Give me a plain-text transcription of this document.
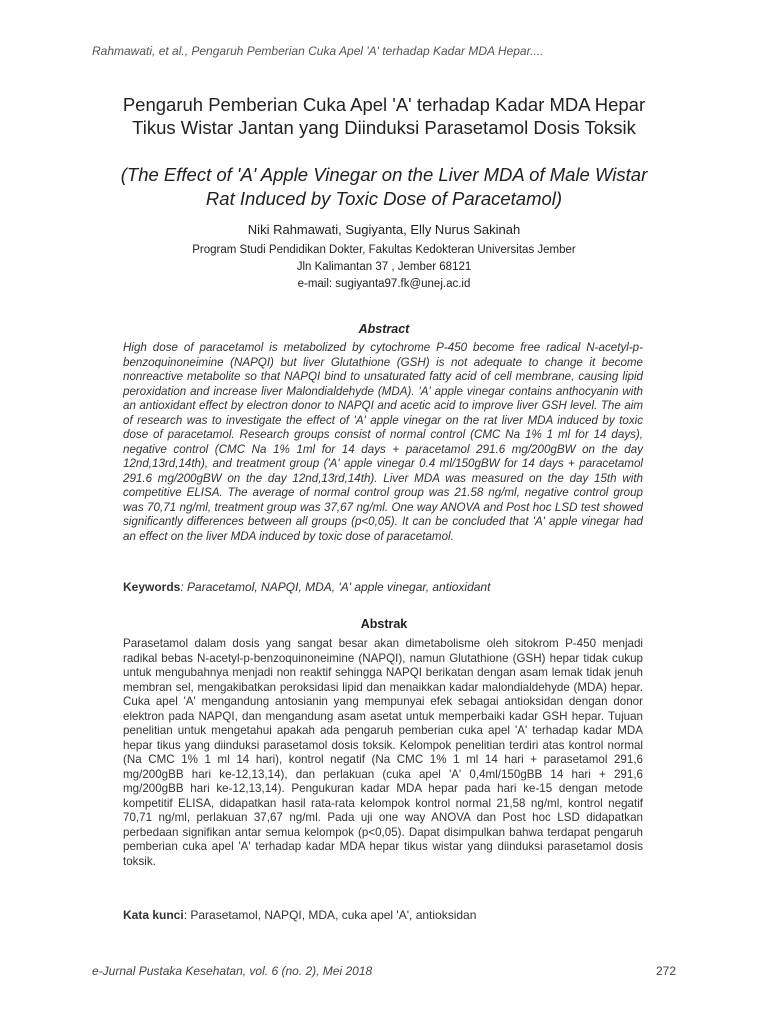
Rahmawati, et al., Pengaruh Pemberian Cuka Apel 'A' terhadap Kadar MDA Hepar....
Pengaruh Pemberian Cuka Apel 'A' terhadap Kadar MDA Hepar
Tikus Wistar Jantan yang Diinduksi Parasetamol Dosis Toksik
(The Effect of 'A' Apple Vinegar on the Liver MDA of Male Wistar
Rat Induced by Toxic Dose of Paracetamol)
Niki Rahmawati, Sugiyanta, Elly Nurus Sakinah
Program Studi Pendidikan Dokter, Fakultas Kedokteran Universitas Jember
Jln Kalimantan 37 , Jember 68121
e-mail: sugiyanta97.fk@unej.ac.id
Abstract
High dose of paracetamol is metabolized by cytochrome P-450 become free radical N-acetyl-p-benzoquinoneimine (NAPQI) but liver Glutathione (GSH) is not adequate to change it become nonreactive metabolite so that NAPQI bind to unsaturated fatty acid of cell membrane, causing lipid peroxidation and increase liver Malondialdehyde (MDA). 'A' apple vinegar contains anthocyanin with an antioxidant effect by electron donor to NAPQI and acetic acid to improve liver GSH level. The aim of research was to investigate the effect of 'A' apple vinegar on the rat liver MDA induced by toxic dose of paracetamol. Research groups consist of normal control (CMC Na 1% 1 ml for 14 days), negative control (CMC Na 1% 1ml for 14 days + paracetamol 291.6 mg/200gBW on the day 12nd,13rd,14th), and treatment group ('A' apple vinegar 0.4 ml/150gBW for 14 days + paracetamol 291.6 mg/200gBW on the day 12nd,13rd,14th). Liver MDA was measured on the day 15th with competitive ELISA. The average of normal control group was 21.58 ng/ml, negative control group was 70,71 ng/ml, treatment group was 37,67 ng/ml. One way ANOVA and Post hoc LSD test showed significantly differences between all groups (p<0,05). It can be concluded that 'A' apple vinegar had an effect on the liver MDA induced by toxic dose of paracetamol.
Keywords: Paracetamol, NAPQI, MDA, 'A' apple vinegar, antioxidant
Abstrak
Parasetamol dalam dosis yang sangat besar akan dimetabolisme oleh sitokrom P-450 menjadi radikal bebas N-acetyl-p-benzoquinoneimine (NAPQI), namun Glutathione (GSH) hepar tidak cukup untuk mengubahnya menjadi non reaktif sehingga NAPQI berikatan dengan asam lemak tidak jenuh membran sel, mengakibatkan peroksidasi lipid dan menaikkan kadar malondialdehyde (MDA) hepar. Cuka apel 'A' mengandung antosianin yang mempunyai efek sebagai antioksidan dengan donor elektron pada NAPQI, dan mengandung asam asetat untuk memperbaiki kadar GSH hepar. Tujuan penelitian untuk mengetahui apakah ada pengaruh pemberian cuka apel 'A' terhadap kadar MDA hepar tikus yang diinduksi parasetamol dosis toksik. Kelompok penelitian terdiri atas kontrol normal (Na CMC 1% 1 ml 14 hari), kontrol negatif (Na CMC 1% 1 ml 14 hari + parasetamol 291,6 mg/200gBB hari ke-12,13,14), dan perlakuan (cuka apel 'A' 0,4ml/150gBB 14 hari + 291,6 mg/200gBB hari ke-12,13,14). Pengukuran kadar MDA hepar pada hari ke-15 dengan metode kompetitif ELISA, didapatkan hasil rata-rata kelompok kontrol normal 21,58 ng/ml, kontrol negatif 70,71 ng/ml, perlakuan 37,67 ng/ml. Pada uji one way ANOVA dan Post hoc LSD didapatkan perbedaan signifikan antar semua kelompok (p<0,05). Dapat disimpulkan bahwa terdapat pengaruh pemberian cuka apel 'A' terhadap kadar MDA hepar tikus wistar yang diinduksi parasetamol dosis toksik.
Kata kunci: Parasetamol, NAPQI, MDA, cuka apel 'A', antioksidan
e-Jurnal Pustaka Kesehatan, vol. 6 (no. 2), Mei 2018	272
